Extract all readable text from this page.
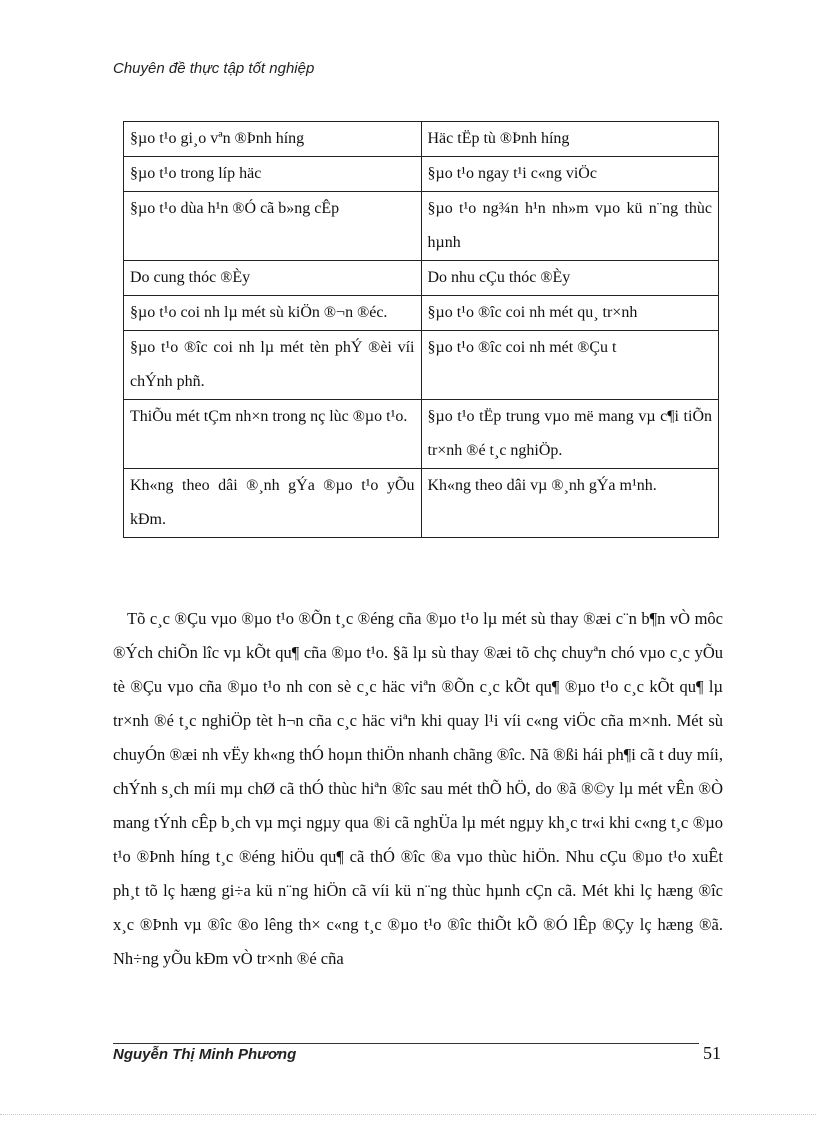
Chuyên đề thực tập tốt nghiệp
§µo t¹o gi¸o vªn ®Þnh híng	Häc tËp tù ®Þnh híng
§µo t¹o trong líp häc	§µo t¹o ngay t¹i c«ng viÖc
§µo t¹o dùa h¹n ®Ó cã b»ng cÊp	§µo t¹o ng¾n h¹n nh»m vµo kü n¨ng thùc hµnh
Do cung thóc ®Èy	Do nhu cÇu thóc ®Èy
§µo t¹o coi nh lµ mét sù kiÖn ®¬n ®éc.	§µo t¹o ®îc coi nh mét qu¸ tr×nh
§µo t¹o ®îc coi nh lµ mét tèn phÝ ®èi víi chÝnh phñ.	§µo t¹o ®îc coi nh mét ®Çu t
ThiÕu mét tÇm nh×n trong nç lùc ®µo t¹o.	§µo t¹o tËp trung vµo më mang vµ c¶i tiÕn tr×nh ®é t¸c nghiÖp.
Kh«ng theo dâi ®¸nh gÝa ®µo t¹o yÕu kÐm.	Kh«ng theo dâi vµ ®¸nh gÝa m¹nh.

Tõ c¸c ®Çu vµo ®µo t¹o ®Õn t¸c ®éng cña ®µo t¹o lµ mét sù thay ®æi c¨n b¶n vÒ môc ®Ých chiÕn lîc vµ kÕt qu¶ cña ®µo t¹o. §ã lµ sù thay ®æi tõ chç chuyªn chó vµo c¸c yÕu tè ®Çu vµo cña ®µo t¹o nh con sè c¸c häc viªn ®Õn c¸c kÕt qu¶ ®µo t¹o c¸c kÕt qu¶ lµ tr×nh ®é t¸c nghiÖp tèt h¬n cña c¸c häc viªn khi quay l¹i víi c«ng viÖc cña m×nh. Mét sù chuyÓn ®æi nh vËy kh«ng thÓ hoµn thiÖn nhanh chãng ®îc. Nã ®ßi hái ph¶i cã t duy míi, chÝnh s¸ch míi mµ chØ cã thÓ thùc hiªn ®îc sau mét thÕ hÖ, do ®ã ®©y lµ mét vÊn ®Ò mang tÝnh cÊp b¸ch vµ mçi ngµy qua ®i cã nghÜa lµ mét ngµy kh¸c tr«i khi c«ng t¸c ®µo t¹o ®Þnh híng t¸c ®éng hiÖu qu¶ cã thÓ ®îc ®a vµo thùc hiÖn. Nhu cÇu ®µo t¹o xuÊt ph¸t tõ lç hæng gi÷a kü n¨ng hiÖn cã víi kü n¨ng thùc hµnh cÇn cã. Mét khi lç hæng ®îc x¸c ®Þnh vµ ®îc ®o lêng th× c«ng t¸c ®µo t¹o ®îc thiÕt kÕ ®Ó lÊp ®Çy lç hæng ®ã. Nh÷ng yÕu kÐm vÒ tr×nh ®é cña

Nguyễn Thị Minh Phương	51
